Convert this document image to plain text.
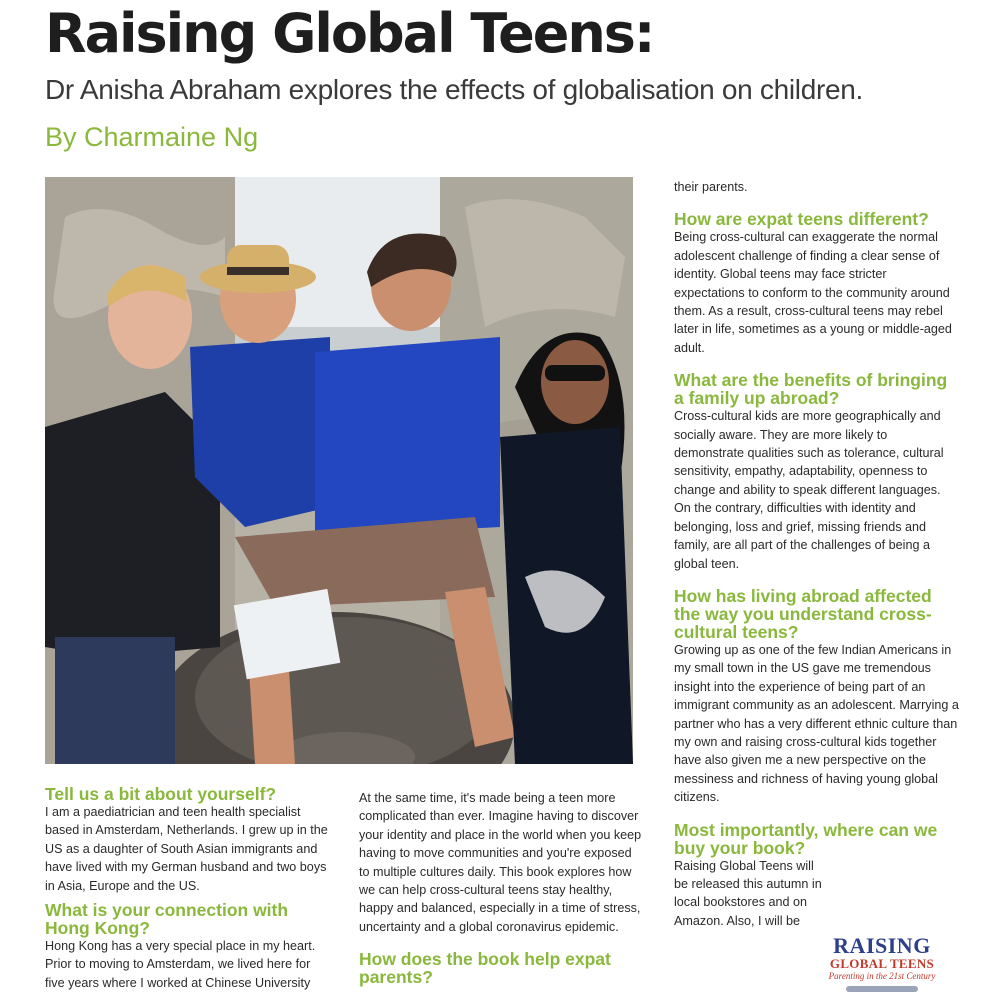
Raising Global Teens:

Dr Anisha Abraham explores the effects of globalisation on children.

By Charmaine Ng

Tell us a bit about yourself?

I am a paediatrician and teen health specialist based in Amsterdam, Netherlands. I grew up in the US as a daughter of South Asian immigrants and have lived with my German husband and two boys in Asia, Europe and the US.

What is your connection with Hong Kong?

Hong Kong has a very special place in my heart. Prior to moving to Amsterdam, we lived here for five years where I worked at Chinese University

At the same time, it's made being a teen more complicated than ever. Imagine having to discover your identity and place in the world when you keep having to move communities and you're exposed to multiple cultures daily. This book explores how we can help cross-cultural teens stay healthy, happy and balanced, especially in a time of stress, uncertainty and a global coronavirus epidemic.

How does the book help expat parents?

their parents.

How are expat teens different?

Being cross-cultural can exaggerate the normal adolescent challenge of finding a clear sense of identity. Global teens may face stricter expectations to conform to the community around them. As a result, cross-cultural teens may rebel later in life, sometimes as a young or middle-aged adult.

What are the benefits of bringing a family up abroad?

Cross-cultural kids are more geographically and socially aware. They are more likely to demonstrate qualities such as tolerance, cultural sensitivity, empathy, adaptability, openness to change and ability to speak different languages. On the contrary, difficulties with identity and belonging, loss and grief, missing friends and family, are all part of the challenges of being a global teen.

How has living abroad affected the way you understand cross-cultural teens?

Growing up as one of the few Indian Americans in my small town in the US gave me tremendous insight into the experience of being part of an immigrant community as an adolescent. Marrying a partner who has a very different ethnic culture than my own and raising cross-cultural kids together have also given me a new perspective on the messiness and richness of having young global citizens.

Most importantly, where can we buy your book?

Raising Global Teens will be released this autumn in local bookstores and on Amazon. Also, I will be

RAISING
GLOBAL TEENS
Parenting in the 21st Century
